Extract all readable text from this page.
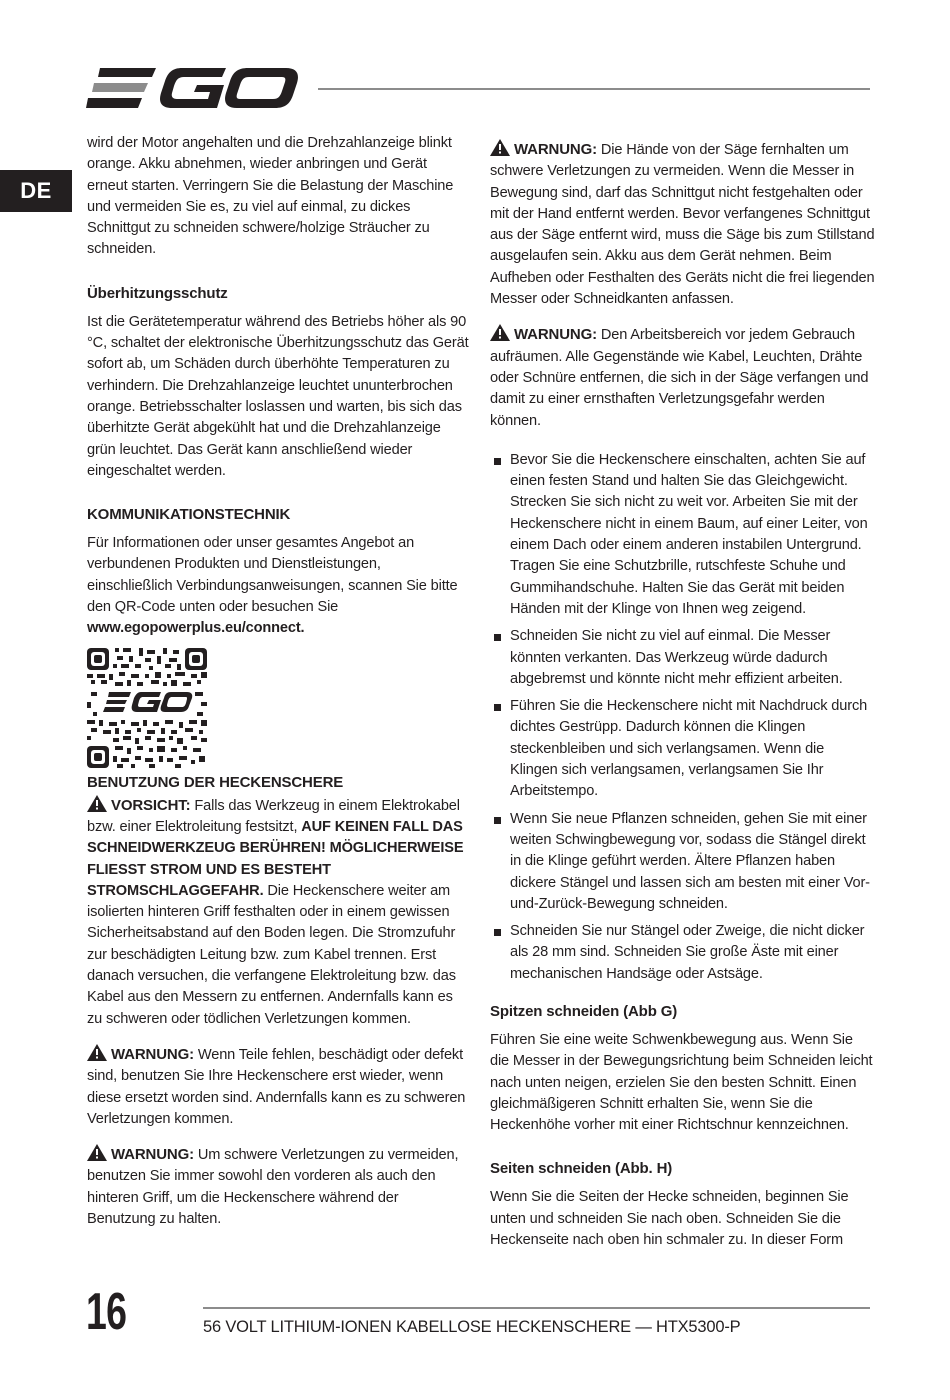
DE

wird der Motor angehalten und die Drehzahlanzeige blinkt orange. Akku abnehmen, wieder anbringen und Gerät erneut starten. Verringern Sie die Belastung der Maschine und vermeiden Sie es, zu viel auf einmal, zu dickes Schnittgut zu schneiden schwere/holzige Sträucher zu schneiden.

Überhitzungsschutz

Ist die Gerätetemperatur während des Betriebs höher als 90 °C, schaltet der elektronische Überhitzungsschutz das Gerät sofort ab, um Schäden durch überhöhte Temperaturen zu verhindern. Die Drehzahlanzeige leuchtet ununterbrochen orange. Betriebsschalter loslassen und warten, bis sich das überhitzte Gerät abgekühlt hat und die Drehzahlanzeige grün leuchtet. Das Gerät kann anschließend wieder eingeschaltet werden.

KOMMUNIKATIONSTECHNIK

Für Informationen oder unser gesamtes Angebot an verbundenen Produkten und Dienstleistungen, einschließlich Verbindungsanweisungen, scannen Sie bitte den QR-Code unten oder besuchen Sie
www.egopowerplus.eu/connect.

BENUTZUNG DER HECKENSCHERE

VORSICHT: Falls das Werkzeug in einem Elektrokabel bzw. einer Elektroleitung festsitzt, AUF KEINEN FALL DAS SCHNEIDWERKZEUG BERÜHREN! MÖGLICHERWEISE FLIESST STROM UND ES BESTEHT STROMSCHLAGGEFAHR. Die Heckenschere weiter am isolierten hinteren Griff festhalten oder in einem gewissen Sicherheitsabstand auf den Boden legen. Die Stromzufuhr zur beschädigten Leitung bzw. zum Kabel trennen. Erst danach versuchen, die verfangene Elektroleitung bzw. das Kabel aus den Messern zu entfernen. Andernfalls kann es zu schweren oder tödlichen Verletzungen kommen.

WARNUNG: Wenn Teile fehlen, beschädigt oder defekt sind, benutzen Sie Ihre Heckenschere erst wieder, wenn diese ersetzt worden sind. Andernfalls kann es zu schweren Verletzungen kommen.

WARNUNG: Um schwere Verletzungen zu vermeiden, benutzen Sie immer sowohl den vorderen als auch den hinteren Griff, um die Heckenschere während der Benutzung zu halten.

WARNUNG: Die Hände von der Säge fernhalten um schwere Verletzungen zu vermeiden. Wenn die Messer in Bewegung sind, darf das Schnittgut nicht festgehalten oder mit der Hand entfernt werden. Bevor verfangenes Schnittgut aus der Säge entfernt wird, muss die Säge bis zum Stillstand ausgelaufen sein. Akku aus dem Gerät nehmen. Beim Aufheben oder Festhalten des Geräts nicht die frei liegenden Messer oder Schneidkanten anfassen.

WARNUNG: Den Arbeitsbereich vor jedem Gebrauch aufräumen. Alle Gegenstände wie Kabel, Leuchten, Drähte oder Schnüre entfernen, die sich in der Säge verfangen und damit zu einer ernsthaften Verletzungsgefahr werden können.

Bevor Sie die Heckenschere einschalten, achten Sie auf einen festen Stand und halten Sie das Gleichgewicht. Strecken Sie sich nicht zu weit vor. Arbeiten Sie mit der Heckenschere nicht in einem Baum, auf einer Leiter, von einem Dach oder einem anderen instabilen Untergrund. Tragen Sie eine Schutzbrille, rutschfeste Schuhe und Gummihandschuhe. Halten Sie das Gerät mit beiden Händen mit der Klinge von Ihnen weg zeigend.
Schneiden Sie nicht zu viel auf einmal. Die Messer könnten verkanten. Das Werkzeug würde dadurch abgebremst und könnte nicht mehr effizient arbeiten.
Führen Sie die Heckenschere nicht mit Nachdruck durch dichtes Gestrüpp. Dadurch können die Klingen steckenbleiben und sich verlangsamen. Wenn die Klingen sich verlangsamen, verlangsamen Sie Ihr Arbeitstempo.
Wenn Sie neue Pflanzen schneiden, gehen Sie mit einer weiten Schwingbewegung vor, sodass die Stängel direkt in die Klinge geführt werden. Ältere Pflanzen haben dickere Stängel und lassen sich am besten mit einer Vor-und-Zurück-Bewegung schneiden.
Schneiden Sie nur Stängel oder Zweige, die nicht dicker als 28 mm sind. Schneiden Sie große Äste mit einer mechanischen Handsäge oder Astsäge.
Spitzen schneiden (Abb G)

Führen Sie eine weite Schwenkbewegung aus. Wenn Sie die Messer in der Bewegungsrichtung beim Schneiden leicht nach unten neigen, erzielen Sie den besten Schnitt. Einen gleichmäßigeren Schnitt erhalten Sie, wenn Sie die Heckenhöhe vorher mit einer Richtschnur kennzeichnen.

Seiten schneiden (Abb. H)

Wenn Sie die Seiten der Hecke schneiden, beginnen Sie unten und schneiden Sie nach oben. Schneiden Sie die Heckenseite nach oben hin schmaler zu. In dieser Form

16	56 VOLT LITHIUM-IONEN KABELLOSE HECKENSCHERE — HTX5300-P
